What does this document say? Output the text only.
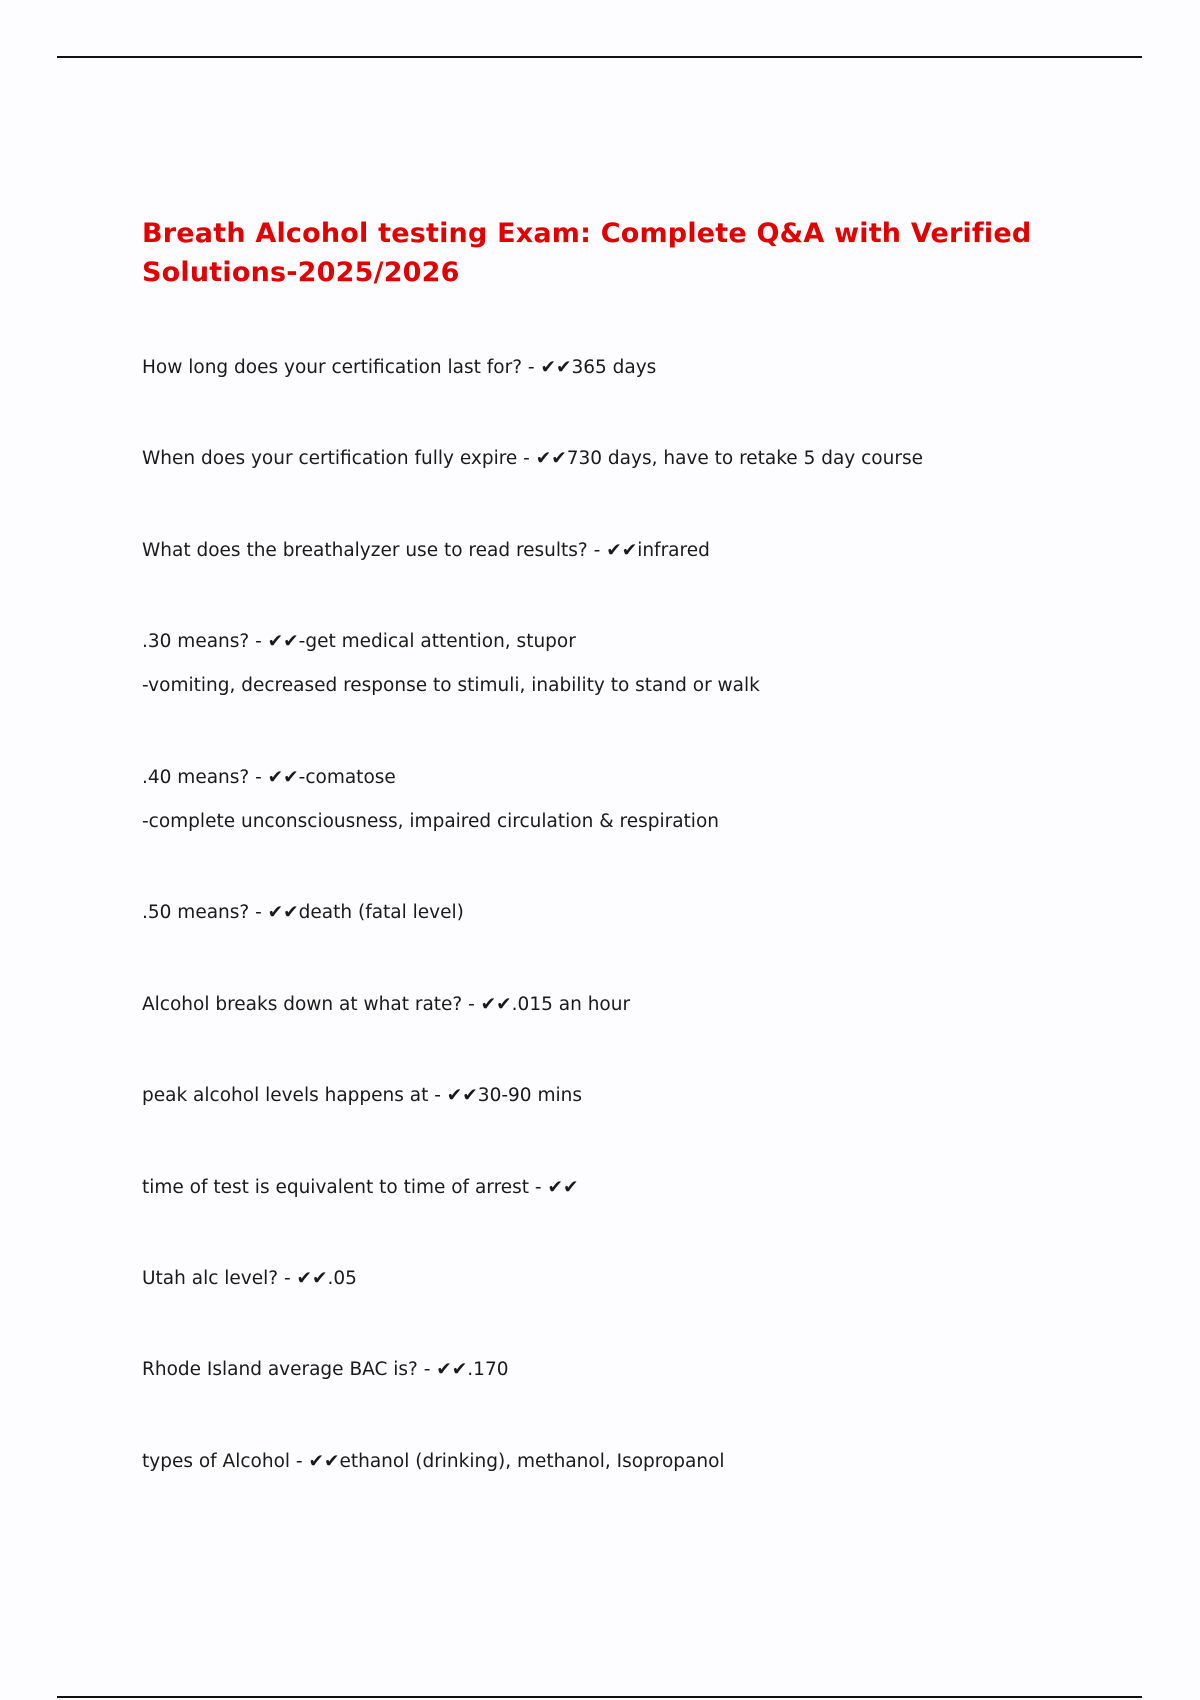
Breath Alcohol testing Exam: Complete Q&A with Verified
Solutions-2025/2026
How long does your certification last for? - ✔✔365 days
When does your certification fully expire - ✔✔730 days, have to retake 5 day course
What does the breathalyzer use to read results? - ✔✔infrared
.30 means? - ✔✔-get medical attention, stupor
-vomiting, decreased response to stimuli, inability to stand or walk
.40 means? - ✔✔-comatose
-complete unconsciousness, impaired circulation & respiration
.50 means? - ✔✔death (fatal level)
Alcohol breaks down at what rate? - ✔✔.015 an hour
peak alcohol levels happens at - ✔✔30-90 mins
time of test is equivalent to time of arrest - ✔✔
Utah alc level? - ✔✔.05
Rhode Island average BAC is? - ✔✔.170
types of Alcohol - ✔✔ethanol (drinking), methanol, Isopropanol
